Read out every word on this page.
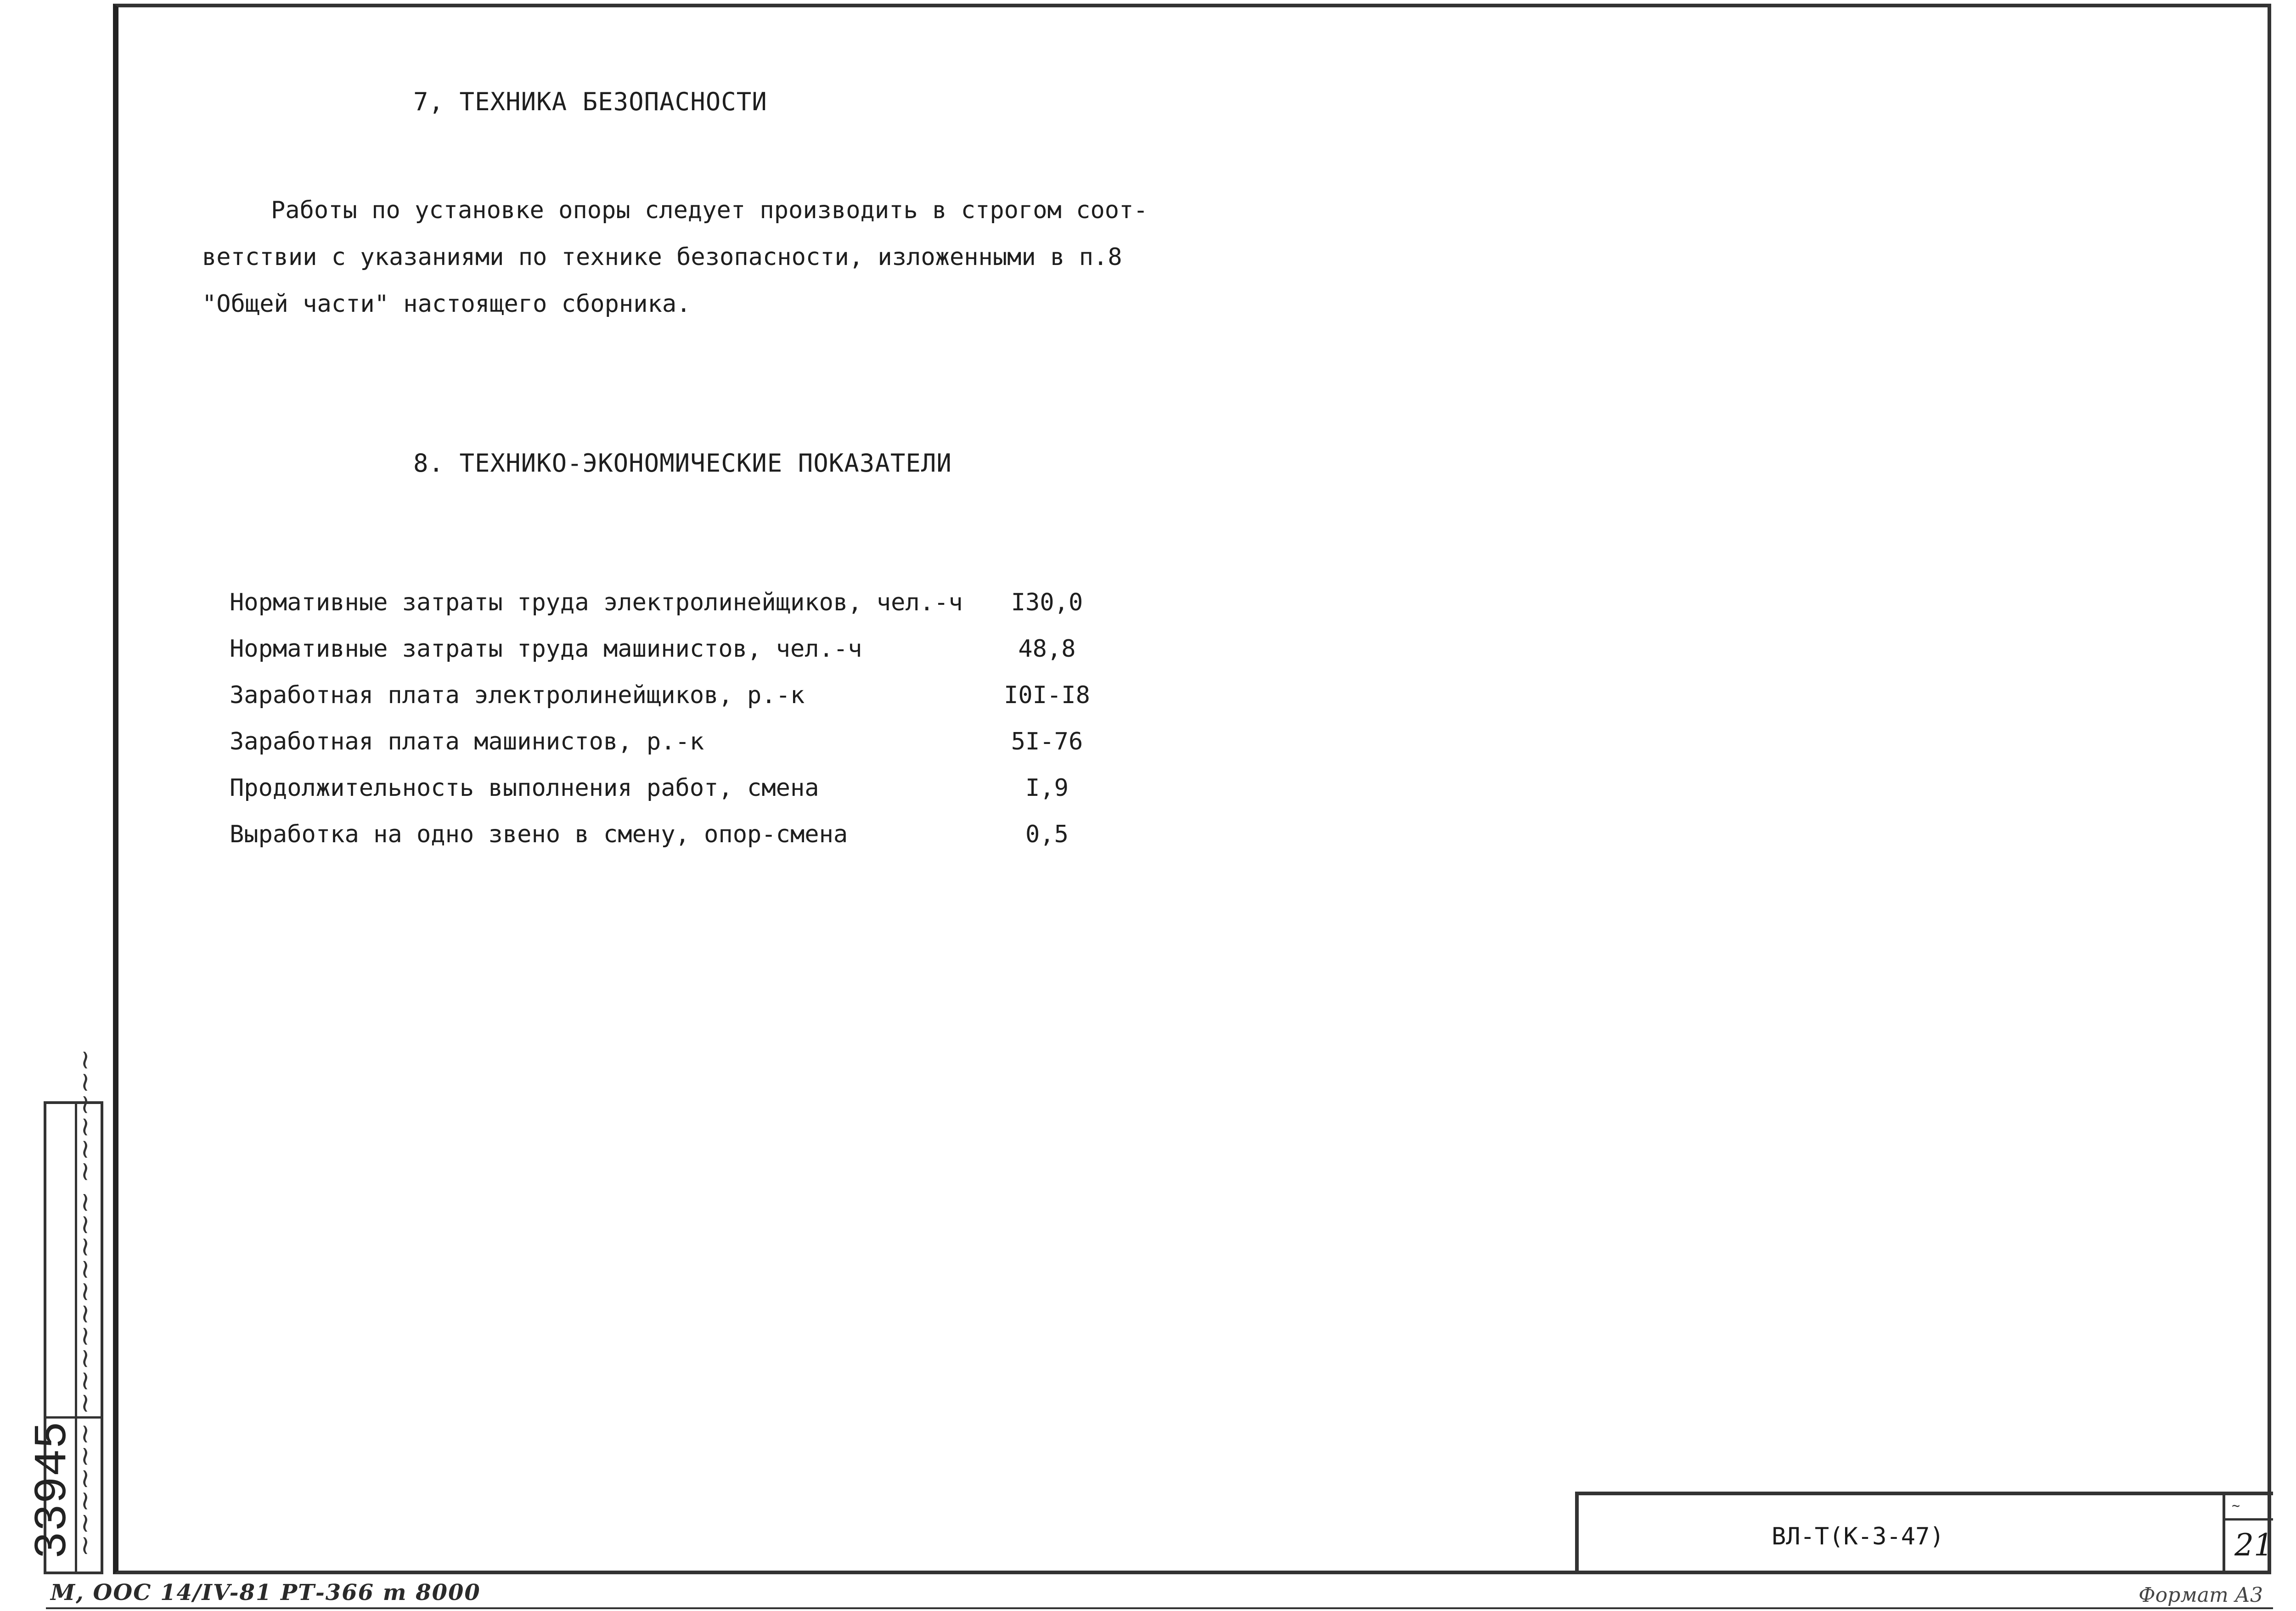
7, ТЕХНИКА БЕЗОПАСНОСТИ
Работы по установке опоры следует производить в строгом соот-
ветствии с указаниями по технике безопасности, изложенными в п.8
"Общей части" настоящего сборника.
8. ТЕХНИКО-ЭКОНОМИЧЕСКИЕ ПОКАЗАТЕЛИ
Нормативные затраты труда электролинейщиков, чел.-ч	I30,0
Нормативные затраты труда машинистов, чел.-ч	48,8
Заработная плата электролинейщиков, р.-к	I0I-I8
Заработная плата машинистов, р.-к	5I-76
Продолжительность выполнения работ, смена	I,9
Выработка на одно звено в смену, опор-смена	0,5
ВЛ-Т(К-3-47)
~
21
33945
~~~~~~ ~~~~~~~~~~ ~~~~~~
М, ООС 14/IV-81 РТ-366 т 8000	Формат А3
